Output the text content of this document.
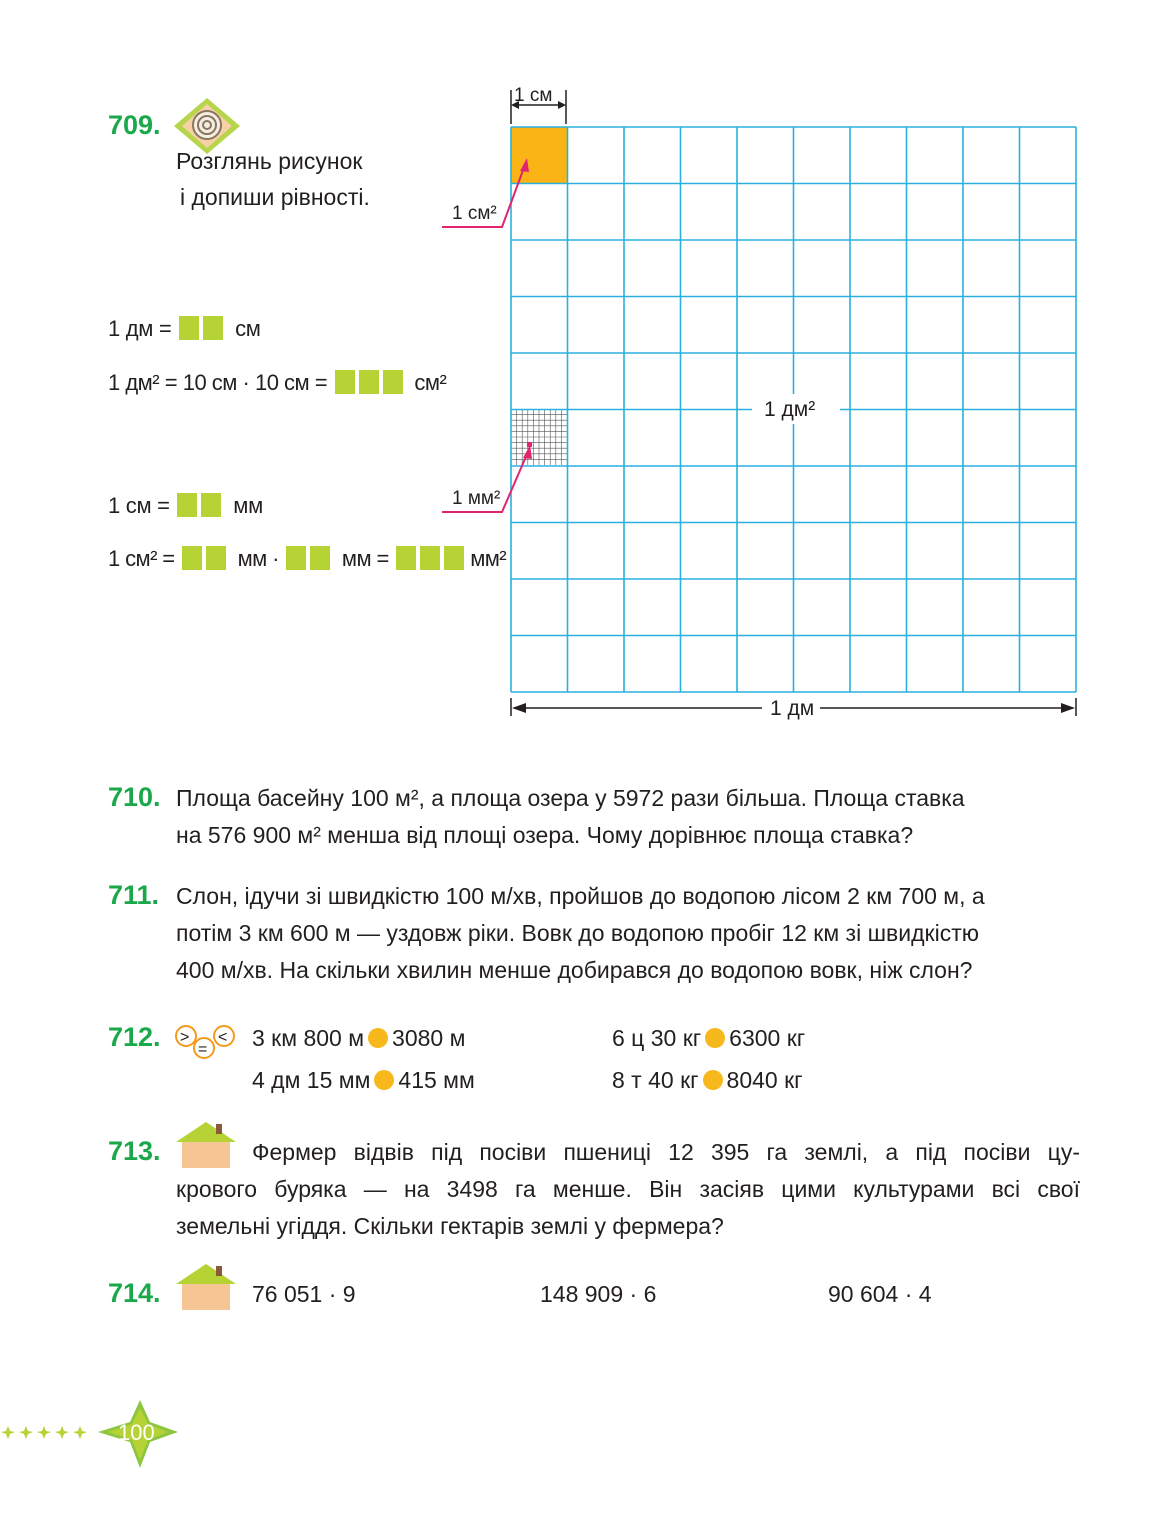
709.
Розглянь рисунок
і допиши рівності.
1 дм =	см
1 дм² = 10 см · 10 см =	см²
1 см =	мм
1 см² =	мм ·	мм =	мм²
1 см
1 см²
1 мм²
1 дм²
1 дм
710. Площа басейну 100 м², а площа озера у 5972 рази більша. Площа ставка
на 576 900 м² менша від площі озера. Чому дорівнює площа ставка?
711. Слон, ідучи зі швидкістю 100 м/хв, пройшов до водопою лісом 2 км 700 м, а
потім 3 км 600 м — уздовж ріки. Вовк до водопою пробіг 12 км зі швидкістю
400 м/хв. На скільки хвилин менше добирався до водопою вовк, ніж слон?
712. >
=
< 3 км 800 м 3080 м	6 ц 30 кг 6300 кг
4 дм 15 мм 415 мм	8 т 40 кг 8040 кг
713.	Фермер відвів під посіви пшениці 12 395 га землі, а під посіви цу-
крового буряка — на 3498 га менше. Він засіяв цими культурами всі свої
земельні угіддя. Скільки гектарів землі у фермера?
714.	76 051 · 9	148 909 · 6	90 604 · 4
100
